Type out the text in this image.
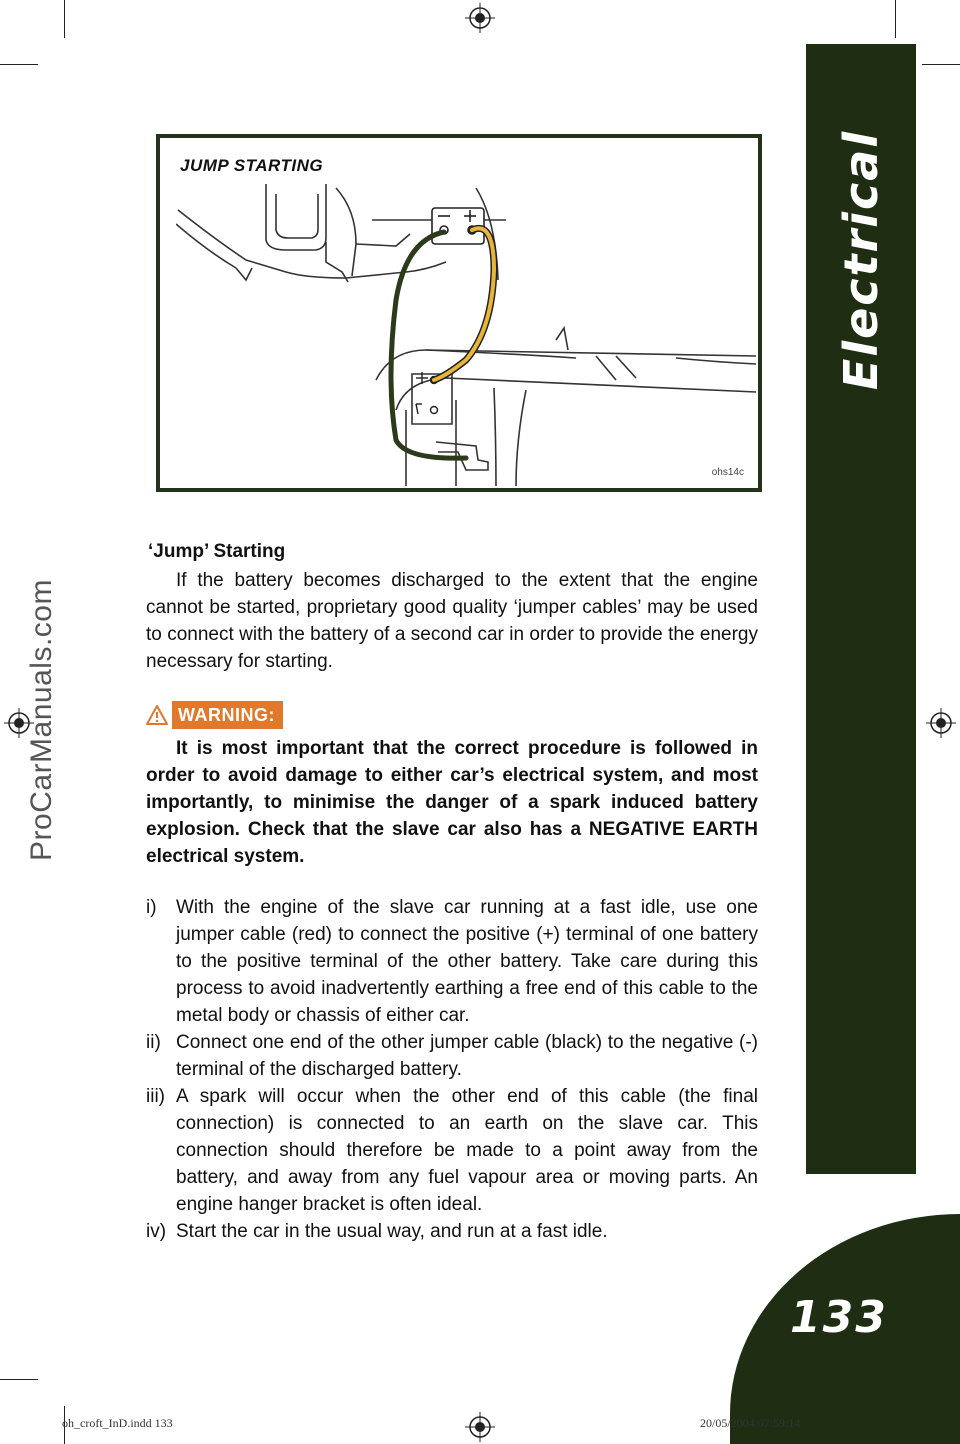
Electrical
133
ProCarManuals.com
JUMP STARTING
ohs14c
‘Jump’ Starting
If the battery becomes discharged to the extent that the engine cannot be started, proprietary good quality ‘jumper cables’ may be used to connect with the battery of a second car in order to provide the energy necessary for starting.
WARNING:
It is most important that the correct procedure is followed in order to avoid damage to either car’s electrical system, and most importantly, to minimise the danger of a spark induced battery explosion. Check that the slave car also has a NEGATIVE EARTH electrical system.
i)	With the engine of the slave car running at a fast idle, use one jumper cable (red) to connect the positive (+) terminal of one battery to the positive terminal of the other battery. Take care during this process to avoid inadvertently earthing a free end of this cable to the metal body or chassis of either car.
ii) Connect one end of the other jumper cable (black) to the negative (-) terminal of the discharged battery.
iii) A spark will occur when the other end of this cable (the final connection) is connected to an earth on the slave car. This connection should therefore be made to a point away from the battery, and away from any fuel vapour area or moving parts. An engine hanger bracket is often ideal.
iv) Start the car in the usual way, and run at a fast idle.
oh_croft_InD.indd 133	20/05/2004 07:59:14
